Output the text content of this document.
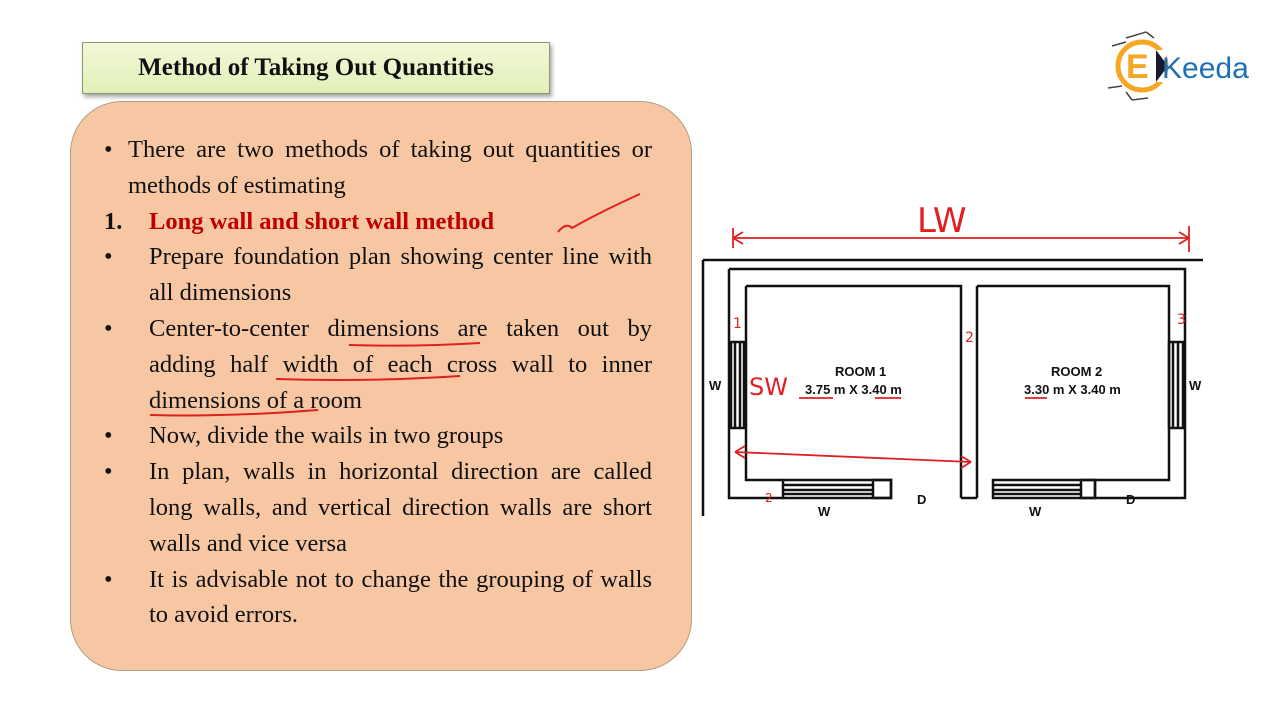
Method of Taking Out Quantities	E Keeda
• There are two methods of taking out quantities or methods of estimating
1.	Long wall and short wall method
•	Prepare foundation plan showing center line with all dimensions
•	Center-to-center dimensions are taken out by adding half width of each cross wall to inner dimensions of a room
•	Now, divide the wails in two groups
•	In plan, walls in horizontal direction are called long walls, and vertical direction walls are short walls and vice versa
•	It is advisable not to change the grouping of walls to avoid errors.
ROOM 1
3.75 m X 3.40 m
ROOM 2
3.30 m X 3.40 m
W	W
W	W
D	D
LW
SW
1
2
3
2
